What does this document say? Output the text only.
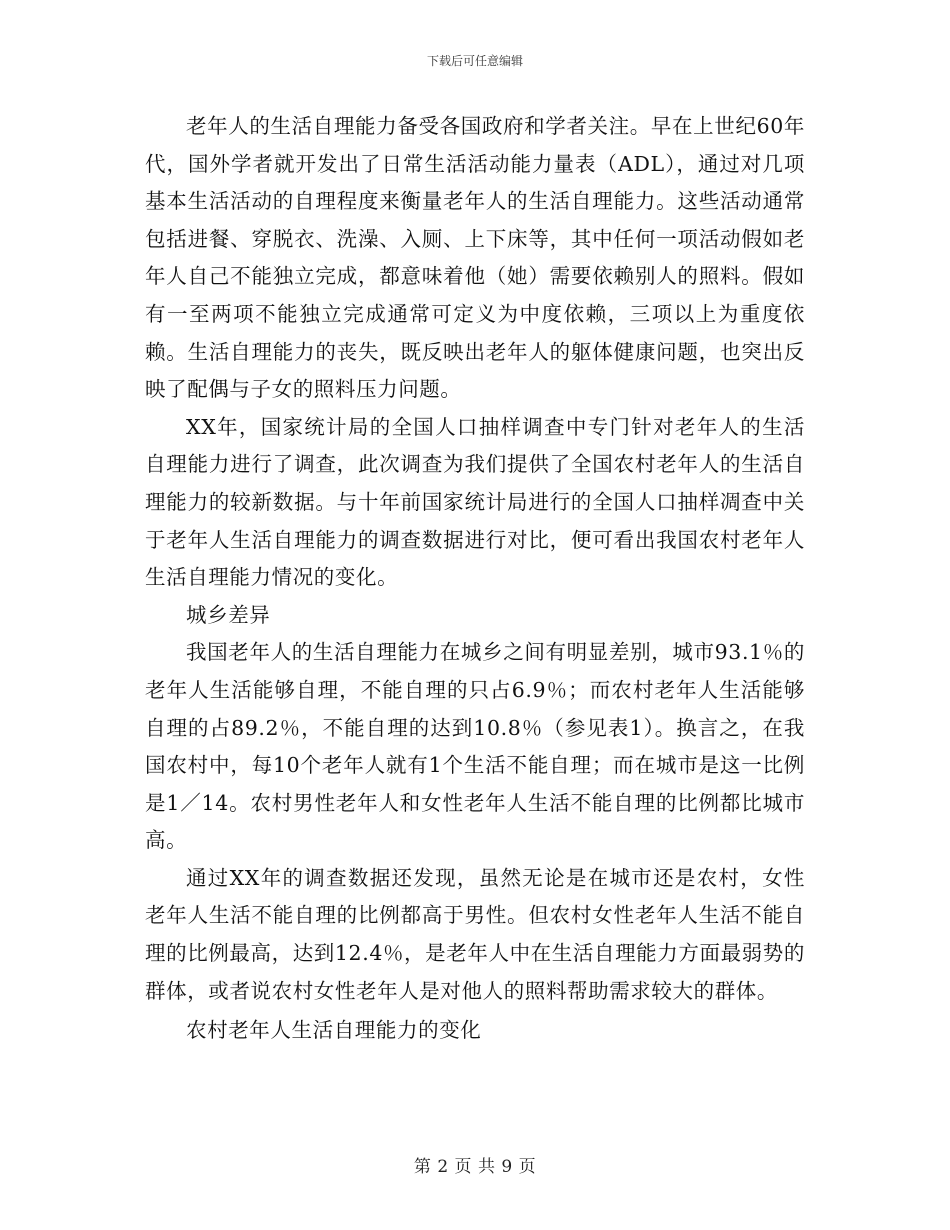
下载后可任意编辑

老年人的生活自理能力备受各国政府和学者关注。早在上世纪60年代，国外学者就开发出了日常生活活动能力量表（ADL），通过对几项基本生活活动的自理程度来衡量老年人的生活自理能力。这些活动通常包括进餐、穿脱衣、洗澡、入厕、上下床等，其中任何一项活动假如老年人自己不能独立完成，都意味着他（她）需要依赖别人的照料。假如有一至两项不能独立完成通常可定义为中度依赖，三项以上为重度依赖。生活自理能力的丧失，既反映出老年人的躯体健康问题，也突出反映了配偶与子女的照料压力问题。

XX年，国家统计局的全国人口抽样调查中专门针对老年人的生活自理能力进行了调查，此次调查为我们提供了全国农村老年人的生活自理能力的较新数据。与十年前国家统计局进行的全国人口抽样凋查中关于老年人生活自理能力的调查数据进行对比，便可看出我国农村老年人生活自理能力情况的变化。

城乡差异

我国老年人的生活自理能力在城乡之间有明显差别，城市93.1％的老年人生活能够自理，不能自理的只占6.9％；而农村老年人生活能够自理的占89.2％，不能自理的达到10.8％（参见表1）。换言之，在我国农村中，每10个老年人就有1个生活不能自理；而在城市是这一比例是1／14。农村男性老年人和女性老年人生活不能自理的比例都比城市高。

通过XX年的调查数据还发现，虽然无论是在城市还是农村，女性老年人生活不能自理的比例都高于男性。但农村女性老年人生活不能自理的比例最高，达到12.4％，是老年人中在生活自理能力方面最弱势的群体，或者说农村女性老年人是对他人的照料帮助需求较大的群体。

农村老年人生活自理能力的变化

第 2 页 共 9 页
